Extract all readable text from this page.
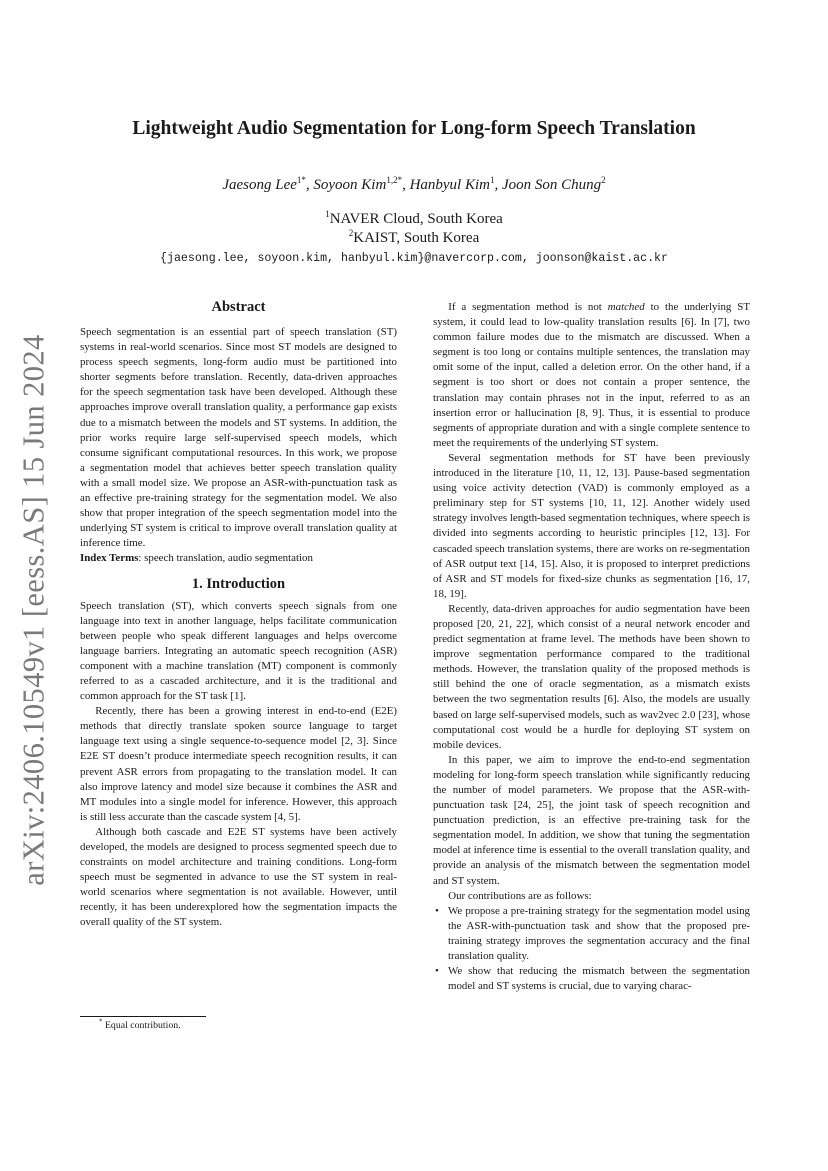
arXiv:2406.10549v1 [eess.AS] 15 Jun 2024
Lightweight Audio Segmentation for Long-form Speech Translation
Jaesong Lee$^{1*}$, Soyoon Kim$^{1,2*}$, Hanbyul Kim$^1$, Joon Son Chung$^2$
$^1$NAVER Cloud, South Korea
$^2$KAIST, South Korea
{jaesong.lee, soyoon.kim, hanbyul.kim}@navercorp.com, joonson@kaist.ac.kr
Abstract

Speech segmentation is an essential part of speech translation (ST) systems in real-world scenarios. Since most ST models are designed to process speech segments, long-form audio must be partitioned into shorter segments before translation. Recently, data-driven approaches for the speech segmentation task have been developed. Although these approaches improve overall translation quality, a performance gap exists due to a mismatch between the models and ST systems. In addition, the prior works require large self-supervised speech models, which consume significant computational resources. In this work, we propose a segmentation model that achieves better speech translation quality with a small model size. We propose an ASR-with-punctuation task as an effective pre-training strategy for the segmentation model. We also show that proper integration of the speech segmentation model into the underlying ST system is critical to improve overall translation quality at inference time.

Index Terms: speech translation, audio segmentation

1. Introduction

Speech translation (ST), which converts speech signals from one language into text in another language, helps facilitate communication between people who speak different languages and helps overcome language barriers. Integrating an automatic speech recognition (ASR) component with a machine translation (MT) component is commonly referred to as a cascaded architecture, and it is the traditional and common approach for the ST task [1].

Recently, there has been a growing interest in end-to-end (E2E) methods that directly translate spoken source language to target language text using a single sequence-to-sequence model [2, 3]. Since E2E ST doesn’t produce intermediate speech recognition results, it can prevent ASR errors from propagating to the translation model. It can also improve latency and model size because it combines the ASR and MT modules into a single model for inference. However, this approach is still less accurate than the cascade system [4, 5].

Although both cascade and E2E ST systems have been actively developed, the models are designed to process segmented speech due to constraints on model architecture and training conditions. Long-form speech must be segmented in advance to use the ST system in real-world scenarios where segmentation is not available. However, until recently, it has been underexplored how the segmentation impacts the overall quality of the ST system.

* Equal contribution.

If a segmentation method is not matched to the underlying ST system, it could lead to low-quality translation results [6]. In [7], two common failure modes due to the mismatch are discussed. When a segment is too long or contains multiple sentences, the translation may omit some of the input, called a deletion error. On the other hand, if a segment is too short or does not contain a proper sentence, the translation may contain phrases not in the input, referred to as an insertion error or hallucination [8, 9]. Thus, it is essential to produce segments of appropriate duration and with a single complete sentence to meet the requirements of the underlying ST system.

Several segmentation methods for ST have been previously introduced in the literature [10, 11, 12, 13]. Pause-based segmentation using voice activity detection (VAD) is commonly employed as a preliminary step for ST systems [10, 11, 12]. Another widely used strategy involves length-based segmentation techniques, where speech is divided into segments according to heuristic principles [12, 13]. For cascaded speech translation systems, there are works on re-segmentation of ASR output text [14, 15]. Also, it is proposed to interpret predictions of ASR and ST models for fixed-size chunks as segmentation [16, 17, 18, 19].

Recently, data-driven approaches for audio segmentation have been proposed [20, 21, 22], which consist of a neural network encoder and predict segmentation at frame level. The methods have been shown to improve segmentation performance compared to the traditional methods. However, the translation quality of the proposed methods is still behind the one of oracle segmentation, as a mismatch exists between the two segmentation results [6]. Also, the models are usually based on large self-supervised models, such as wav2vec 2.0 [23], whose computational cost would be a hurdle for deploying ST system on mobile devices.

In this paper, we aim to improve the end-to-end segmentation modeling for long-form speech translation while significantly reducing the number of model parameters. We propose that the ASR-with-punctuation task [24, 25], the joint task of speech recognition and punctuation prediction, is an effective pre-training task for the segmentation model. In addition, we show that tuning the segmentation model at inference time is essential to the overall translation quality, and provide an analysis of the mismatch between the segmentation model and ST system.

Our contributions are as follows:

• We propose a pre-training strategy for the segmentation model using the ASR-with-punctuation task and show that the proposed pre-training strategy improves the segmentation accuracy and the final translation quality.
• We show that reducing the mismatch between the segmentation model and ST systems is crucial, due to varying charac-
